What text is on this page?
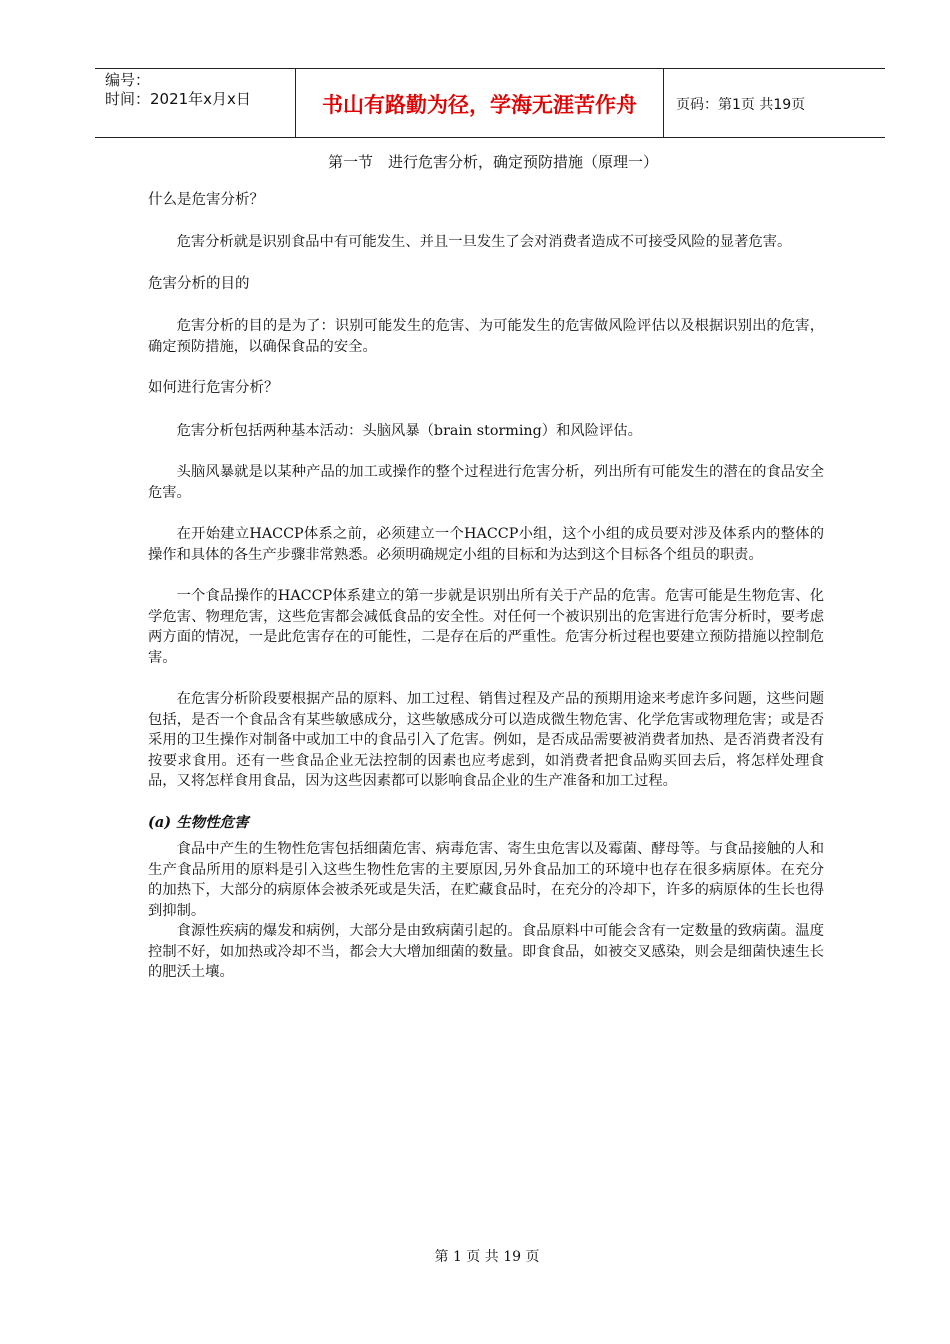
编号：
时间：2021年x月x日	书山有路勤为径，学海无涯苦作舟	页码：第1页 共19页
第一节　进行危害分析，确定预防措施（原理一）
什么是危害分析？
危害分析就是识别食品中有可能发生、并且一旦发生了会对消费者造成不可接受风险的显著危害。
危害分析的目的
危害分析的目的是为了：识别可能发生的危害、为可能发生的危害做风险评估以及根据识别出的危害，确定预防措施，以确保食品的安全。
如何进行危害分析？
危害分析包括两种基本活动：头脑风暴（brain storming）和风险评估。
头脑风暴就是以某种产品的加工或操作的整个过程进行危害分析，列出所有可能发生的潜在的食品安全危害。
在开始建立HACCP体系之前，必须建立一个HACCP小组，这个小组的成员要对涉及体系内的整体的操作和具体的各生产步骤非常熟悉。必须明确规定小组的目标和为达到这个目标各个组员的职责。
一个食品操作的HACCP体系建立的第一步就是识别出所有关于产品的危害。危害可能是生物危害、化学危害、物理危害，这些危害都会减低食品的安全性。对任何一个被识别出的危害进行危害分析时，要考虑两方面的情况，一是此危害存在的可能性，二是存在后的严重性。危害分析过程也要建立预防措施以控制危害。
在危害分析阶段要根据产品的原料、加工过程、销售过程及产品的预期用途来考虑许多问题，这些问题包括，是否一个食品含有某些敏感成分，这些敏感成分可以造成微生物危害、化学危害或物理危害；或是否采用的卫生操作对制备中或加工中的食品引入了危害。例如，是否成品需要被消费者加热、是否消费者没有按要求食用。还有一些食品企业无法控制的因素也应考虑到，如消费者把食品购买回去后，将怎样处理食品，又将怎样食用食品，因为这些因素都可以影响食品企业的生产准备和加工过程。
(a) 生物性危害
食品中产生的生物性危害包括细菌危害、病毒危害、寄生虫危害以及霉菌、酵母等。与食品接触的人和生产食品所用的原料是引入这些生物性危害的主要原因,另外食品加工的环境中也存在很多病原体。在充分的加热下，大部分的病原体会被杀死或是失活，在贮藏食品时，在充分的冷却下，许多的病原体的生长也得到抑制。
食源性疾病的爆发和病例，大部分是由致病菌引起的。食品原料中可能会含有一定数量的致病菌。温度控制不好，如加热或冷却不当，都会大大增加细菌的数量。即食食品，如被交叉感染，则会是细菌快速生长的肥沃土壤。
第 1 页 共 19 页
